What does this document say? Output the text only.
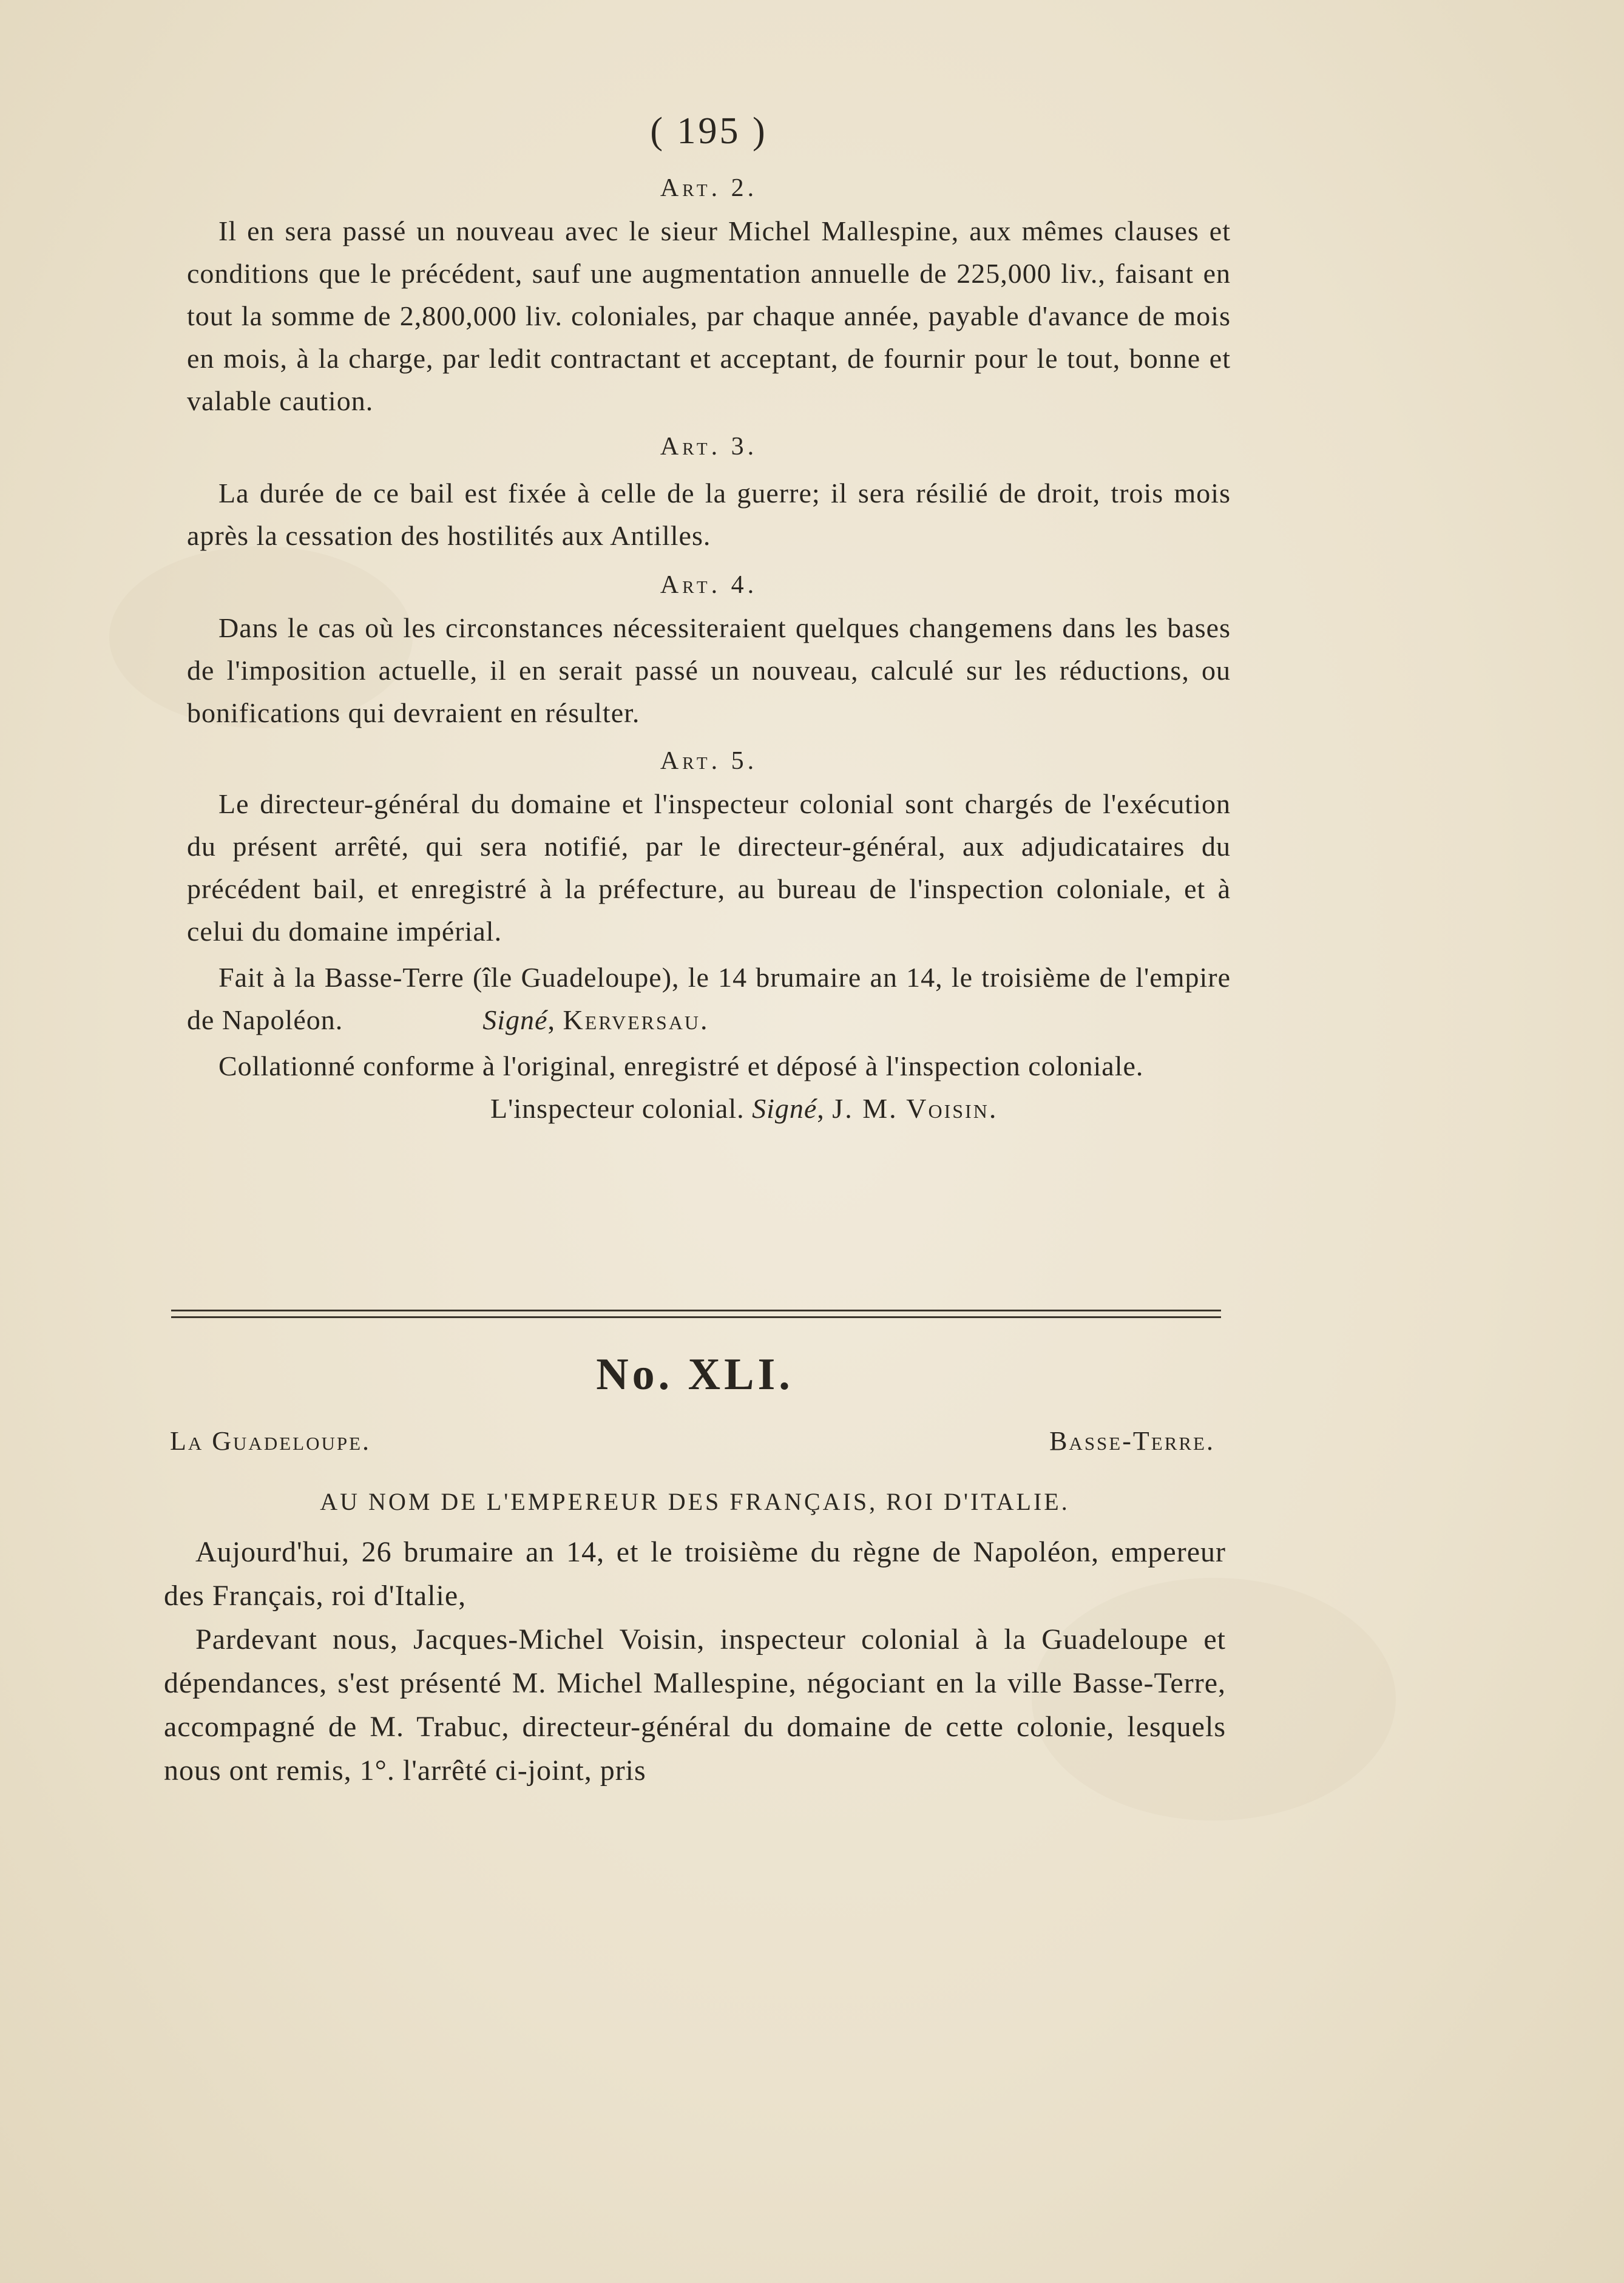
( 195 )
Art. 2.

Il en sera passé un nouveau avec le sieur Michel Mallespine, aux mêmes clauses et conditions que le précédent, sauf une augmentation annuelle de 225,000 liv., faisant en tout la somme de 2,800,000 liv. coloniales, par chaque année, payable d'avance de mois en mois, à la charge, par ledit contractant et acceptant, de fournir pour le tout, bonne et valable caution.

Art. 3.

La durée de ce bail est fixée à celle de la guerre; il sera résilié de droit, trois mois après la cessation des hostilités aux Antilles.

Art. 4.

Dans le cas où les circonstances nécessiteraient quelques changemens dans les bases de l'imposition actuelle, il en serait passé un nouveau, calculé sur les réductions, ou bonifications qui devraient en résulter.

Art. 5.

Le directeur-général du domaine et l'inspecteur colonial sont chargés de l'exécution du présent arrêté, qui sera notifié, par le directeur-général, aux adjudicataires du précédent bail, et enregistré à la préfecture, au bureau de l'inspection coloniale, et à celui du domaine impérial.

Fait à la Basse-Terre (île Guadeloupe), le 14 brumaire an 14, le troisième de l'empire de Napoléon.	Signé, Kerversau.

Collationné conforme à l'original, enregistré et déposé à l'inspection coloniale.

L'inspecteur colonial. Signé, J. M. Voisin.

No. XLI.
La Guadeloupe.	Basse-Terre.
AU NOM DE L'EMPEREUR DES FRANÇAIS, ROI D'ITALIE.

Aujourd'hui, 26 brumaire an 14, et le troisième du règne de Napoléon, empereur des Français, roi d'Italie,

Pardevant nous, Jacques-Michel Voisin, inspecteur colonial à la Guadeloupe et dépendances, s'est présenté M. Michel Mallespine, négociant en la ville Basse-Terre, accompagné de M. Trabuc, directeur-général du domaine de cette colonie, lesquels nous ont remis, 1°. l'arrêté ci-joint, pris
